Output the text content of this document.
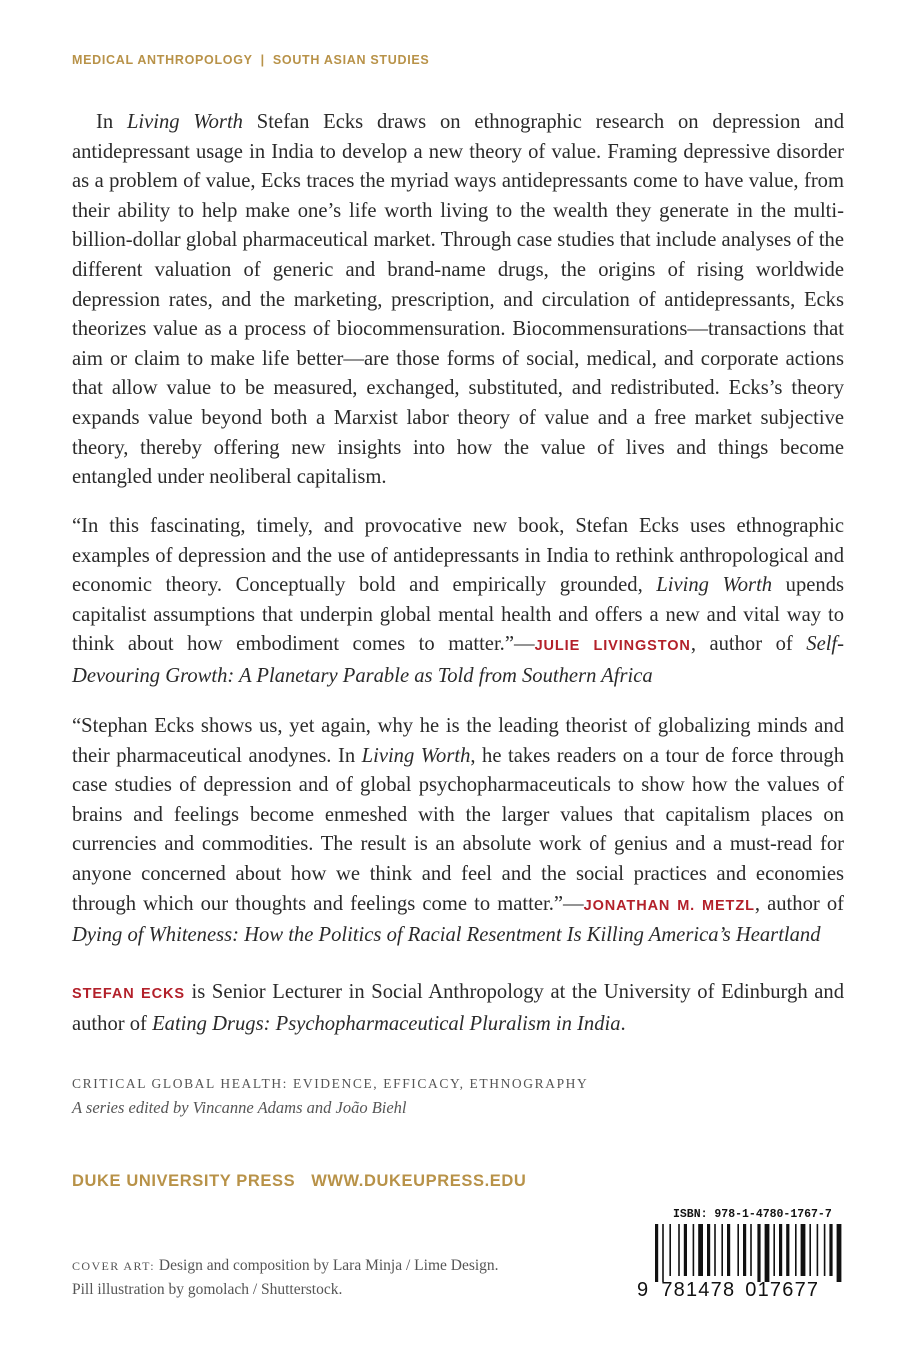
MEDICAL ANTHROPOLOGY | SOUTH ASIAN STUDIES

In Living Worth Stefan Ecks draws on ethnographic research on depression and antidepressant usage in India to develop a new theory of value. Framing depressive disorder as a problem of value, Ecks traces the myriad ways antidepressants come to have value, from their ability to help make one’s life worth living to the wealth they generate in the multi-billion-dollar global pharmaceutical market. Through case studies that include analyses of the different valuation of generic and brand-name drugs, the origins of rising worldwide depression rates, and the marketing, prescription, and circulation of antidepressants, Ecks theorizes value as a process of biocommensuration. Biocommensurations—transactions that aim or claim to make life better—are those forms of social, medical, and corporate actions that allow value to be measured, exchanged, substituted, and redistributed. Ecks’s theory expands value beyond both a Marxist labor theory of value and a free market subjective theory, thereby offering new insights into how the value of lives and things become entangled under neoliberal capitalism.

“In this fascinating, timely, and provocative new book, Stefan Ecks uses ethnographic examples of depression and the use of antidepressants in India to rethink anthropological and economic theory. Conceptually bold and empirically grounded, Living Worth upends capitalist assumptions that underpin global mental health and offers a new and vital way to think about how embodiment comes to matter.”—JULIE LIVINGSTON, author of Self-Devouring Growth: A Planetary Parable as Told from Southern Africa

“Stephan Ecks shows us, yet again, why he is the leading theorist of globalizing minds and their pharmaceutical anodynes. In Living Worth, he takes readers on a tour de force through case studies of depression and of global psychopharmaceuticals to show how the values of brains and feelings become enmeshed with the larger values that capitalism places on currencies and commodities. The result is an absolute work of genius and a must-read for anyone concerned about how we think and feel and the social practices and economies through which our thoughts and feelings come to matter.”—JONATHAN M. METZL, author of Dying of Whiteness: How the Politics of Racial Resentment Is Killing America’s Heartland

STEFAN ECKS is Senior Lecturer in Social Anthropology at the University of Edinburgh and author of Eating Drugs: Psychopharmaceutical Pluralism in India.

CRITICAL GLOBAL HEALTH: EVIDENCE, EFFICACY, ETHNOGRAPHY
A series edited by Vincanne Adams and João Biehl
DUKE UNIVERSITY PRESS WWW.DUKEUPRESS.EDU
COVER ART: Design and composition by Lara Minja / Lime Design.
Pill illustration by gomolach / Shutterstock.
ISBN: 978-1-4780-1767-7
9 781478 017677
